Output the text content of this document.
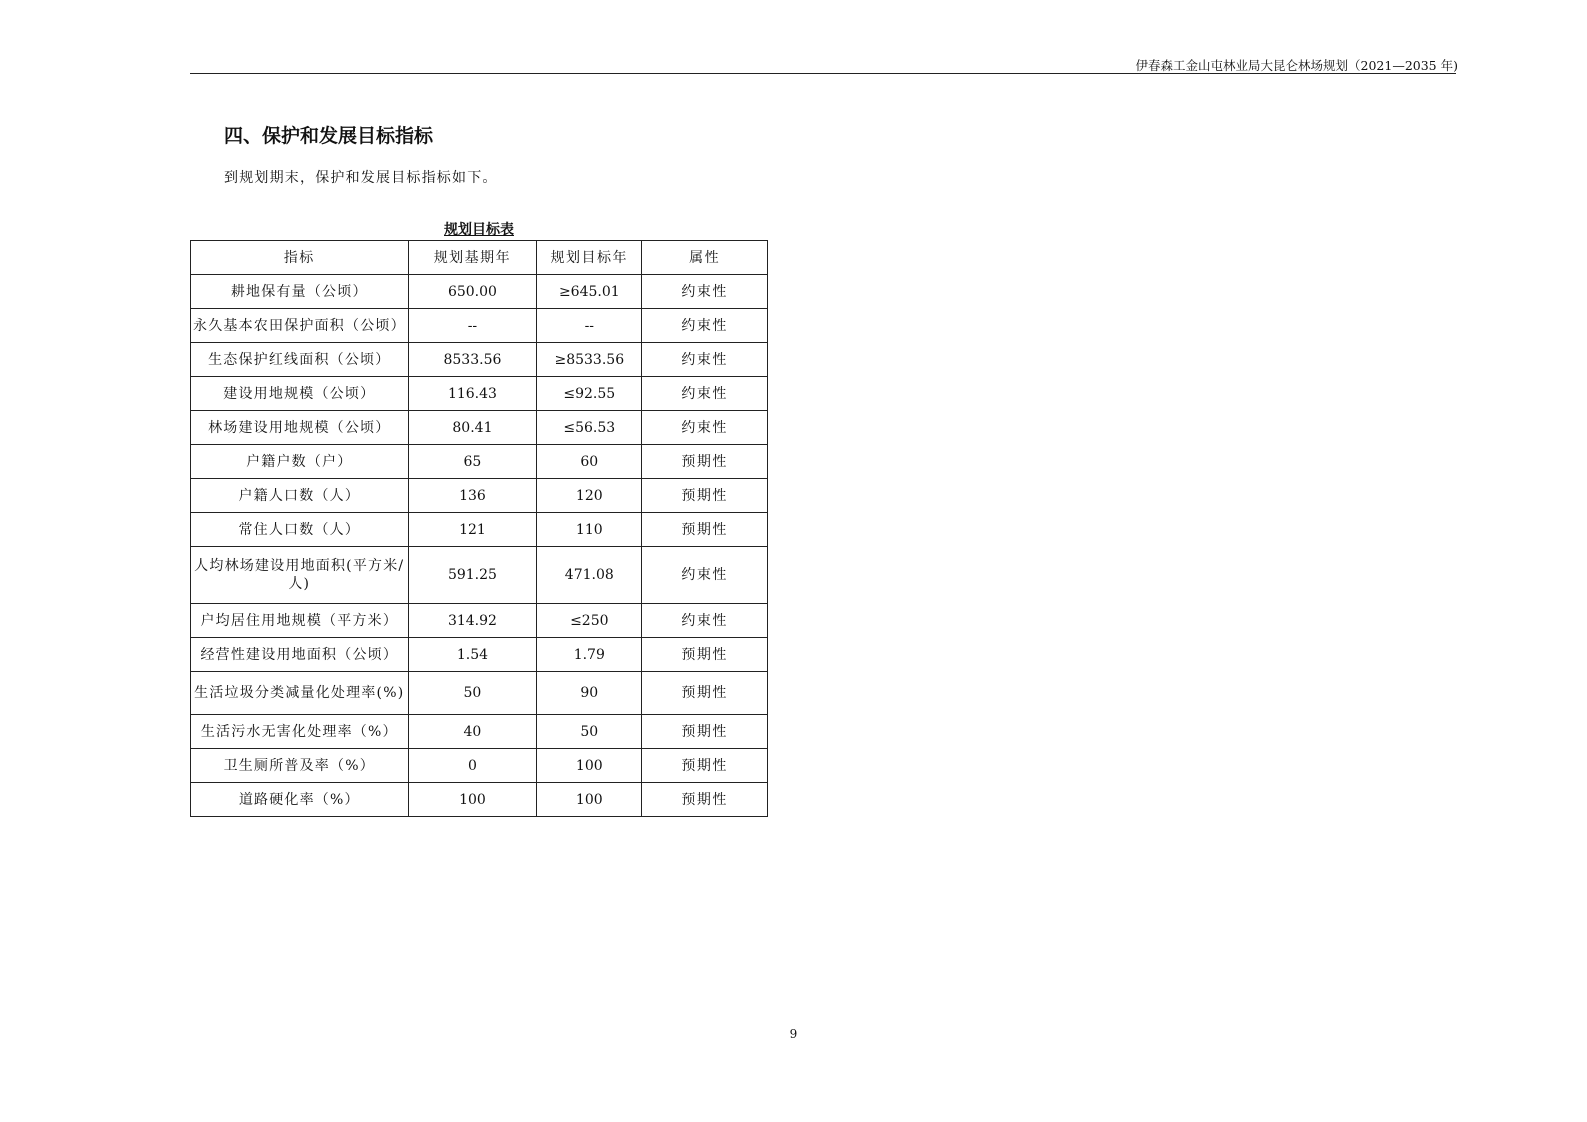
伊春森工金山屯林业局大昆仑林场规划（2021—2035 年)
四、保护和发展目标指标
到规划期末，保护和发展目标指标如下。
规划目标表
指标	规划基期年	规划目标年	属性
耕地保有量（公顷）	650.00	≥645.01	约束性
永久基本农田保护面积（公顷）	--	--	约束性
生态保护红线面积（公顷）	8533.56	≥8533.56	约束性
建设用地规模（公顷）	116.43	≤92.55	约束性
林场建设用地规模（公顷）	80.41	≤56.53	约束性
户籍户数（户）	65	60	预期性
户籍人口数（人）	136	120	预期性
常住人口数（人）	121	110	预期性
人均林场建设用地面积(平方米/人)	591.25	471.08	约束性
户均居住用地规模（平方米）	314.92	≤250	约束性
经营性建设用地面积（公顷）	1.54	1.79	预期性
生活垃圾分类减量化处理率(%)	50	90	预期性
生活污水无害化处理率（%）	40	50	预期性
卫生厕所普及率（%）	0	100	预期性
道路硬化率（%）	100	100	预期性
9
